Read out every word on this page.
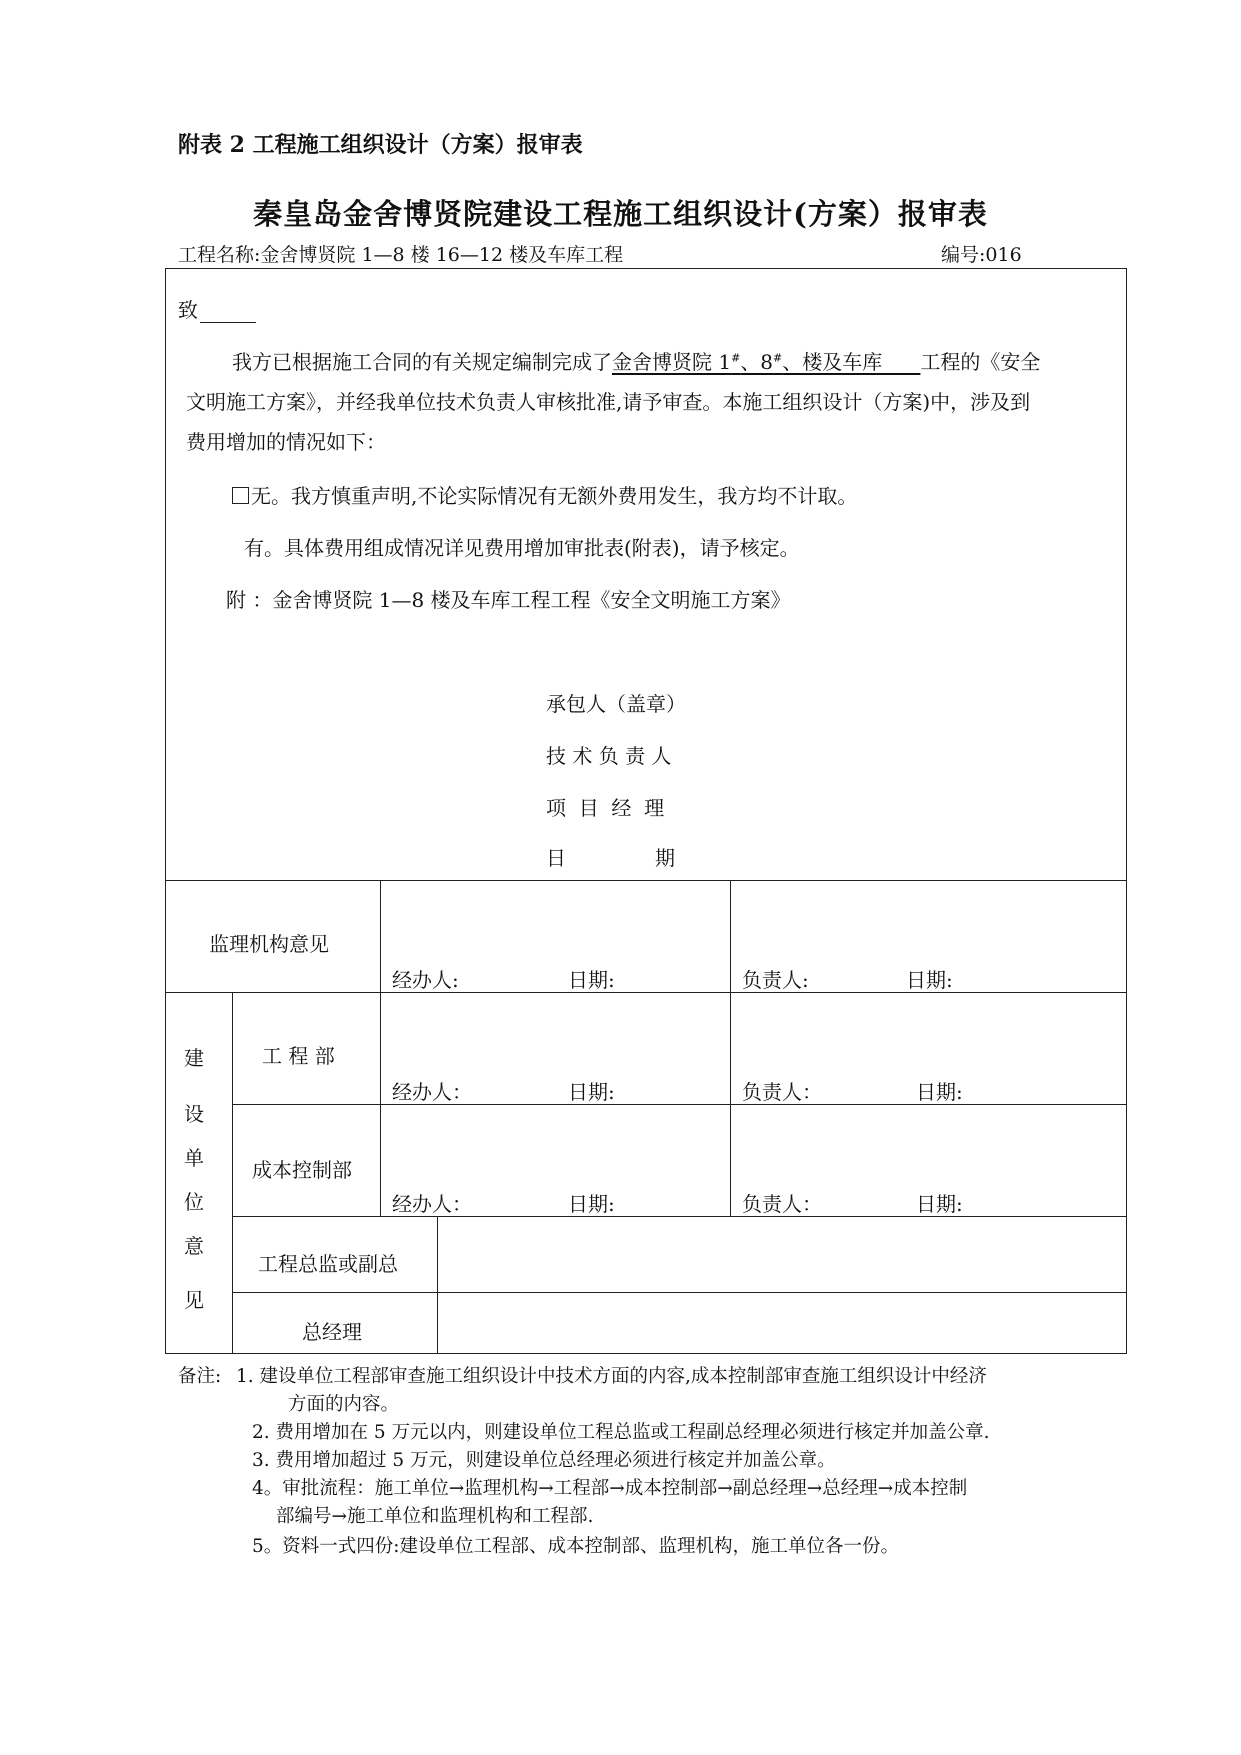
附表 2 工程施工组织设计（方案）报审表
秦皇岛金舍博贤院建设工程施工组织设计(方案）报审表
工程名称:金舍博贤院 1—8 楼 16—12 楼及车库工程	编号:016
致
我方已根据施工合同的有关规定编制完成了金舍博贤院 1#、8#、楼及车库      工程的《安全
文明施工方案》，并经我单位技术负责人审核批准,请予审查。本施工组织设计（方案)中，涉及到
费用增加的情况如下：
无。我方慎重声明,不论实际情况有无额外费用发生，我方均不计取。
有。具体费用组成情况详见费用增加审批表(附表)，请予核定。
附 ：金舍博贤院 1—8 楼及车库工程工程《安全文明施工方案》
承包人（盖章）
技 术 负 责 人
项  目  经  理
日              期
监理机构意见
经办人:	日期:	负责人:	日期:
建
设
单
位
意
见
工 程 部
经办人：	日期:	负责人：	日期:
成本控制部
经办人：	日期:	负责人：	日期:
工程总监或副总
总经理
备注: 1. 建设单位工程部审查施工组织设计中技术方面的内容,成本控制部审查施工组织设计中经济
方面的内容。
2. 费用增加在 5 万元以内，则建设单位工程总监或工程副总经理必须进行核定并加盖公章.
3. 费用增加超过 5 万元，则建设单位总经理必须进行核定并加盖公章。
4。审批流程：施工单位→监理机构→工程部→成本控制部→副总经理→总经理→成本控制
部编号→施工单位和监理机构和工程部.
5。资料一式四份:建设单位工程部、成本控制部、监理机构，施工单位各一份。
